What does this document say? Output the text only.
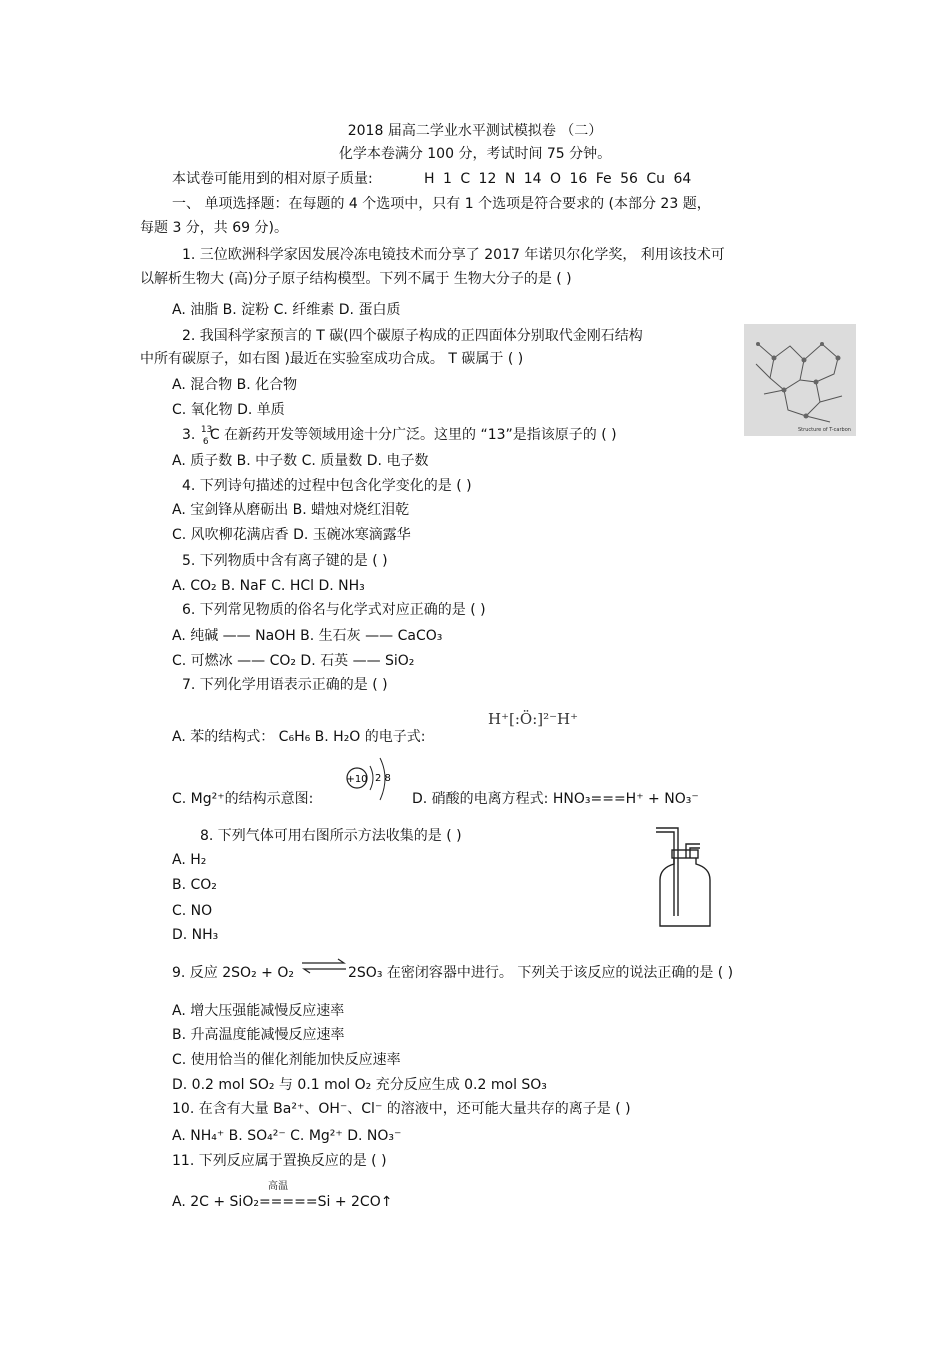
2018 届高二学业水平测试模拟卷 （二）
化学本卷满分 100 分，考试时间 75 分钟。
本试卷可能用到的相对原子质量:	H 1 C 12 N 14 O 16 Fe 56 Cu 64
一、 单项选择题：在每题的 4 个选项中，只有 1 个选项是符合要求的 (本部分 23 题，
每题 3 分，共 69 分)。
1. 三位欧洲科学家因发展冷冻电镜技术而分享了 2017 年诺贝尔化学奖， 利用该技术可
以解析生物大 (高)分子原子结构模型。下列不属于 生物大分子的是 ( )
A. 油脂 B. 淀粉 C. 纤维素 D. 蛋白质
2. 我国科学家预言的 T 碳(四个碳原子构成的正四面体分别取代金刚石结构
中所有碳原子，如右图 )最近在实验室成功合成。 T 碳属于 ( )
A. 混合物 B. 化合物
C. 氧化物 D. 单质
Structure of T-carbon
3. 13
6 C 在新药开发等领域用途十分广泛。这里的 “13”是指该原子的 ( )
A. 质子数 B. 中子数 C. 质量数 D. 电子数
4. 下列诗句描述的过程中包含化学变化的是 ( )
A. 宝剑锋从磨砺出 B. 蜡烛对烧红泪乾
C. 风吹柳花满店香 D. 玉碗冰寒滴露华
5. 下列物质中含有离子键的是 ( )
A. CO₂ B. NaF C. HCl D. NH₃
6. 下列常见物质的俗名与化学式对应正确的是 ( )
A. 纯碱 —— NaOH B. 生石灰 —— CaCO₃
C. 可燃冰 —— CO₂ D. 石英 —— SiO₂
7. 下列化学用语表示正确的是 ( )
H⁺[:Ö:]²⁻H⁺
A. 苯的结构式： C₆H₆ B. H₂O 的电子式:
+10 2 8
C. Mg²⁺的结构示意图:	D. 硝酸的电离方程式: HNO₃===H⁺ + NO₃⁻
8. 下列气体可用右图所示方法收集的是 ( )
A. H₂
B. CO₂
C. NO
D. NH₃
9. 反应 2SO₂ + O₂ ⇌ 2SO₃ 在密闭容器中进行。 下列关于该反应的说法正确的是 ( )
A. 增大压强能减慢反应速率
B. 升高温度能减慢反应速率
C. 使用恰当的催化剂能加快反应速率
D. 0.2 mol SO₂ 与 0.1 mol O₂ 充分反应生成 0.2 mol SO₃
10. 在含有大量 Ba²⁺、OH⁻、Cl⁻ 的溶液中，还可能大量共存的离子是 ( )
A. NH₄⁺ B. SO₄²⁻ C. Mg²⁺ D. NO₃⁻
11. 下列反应属于置换反应的是 ( )
高温
A. 2C + SiO₂=====Si + 2CO↑
